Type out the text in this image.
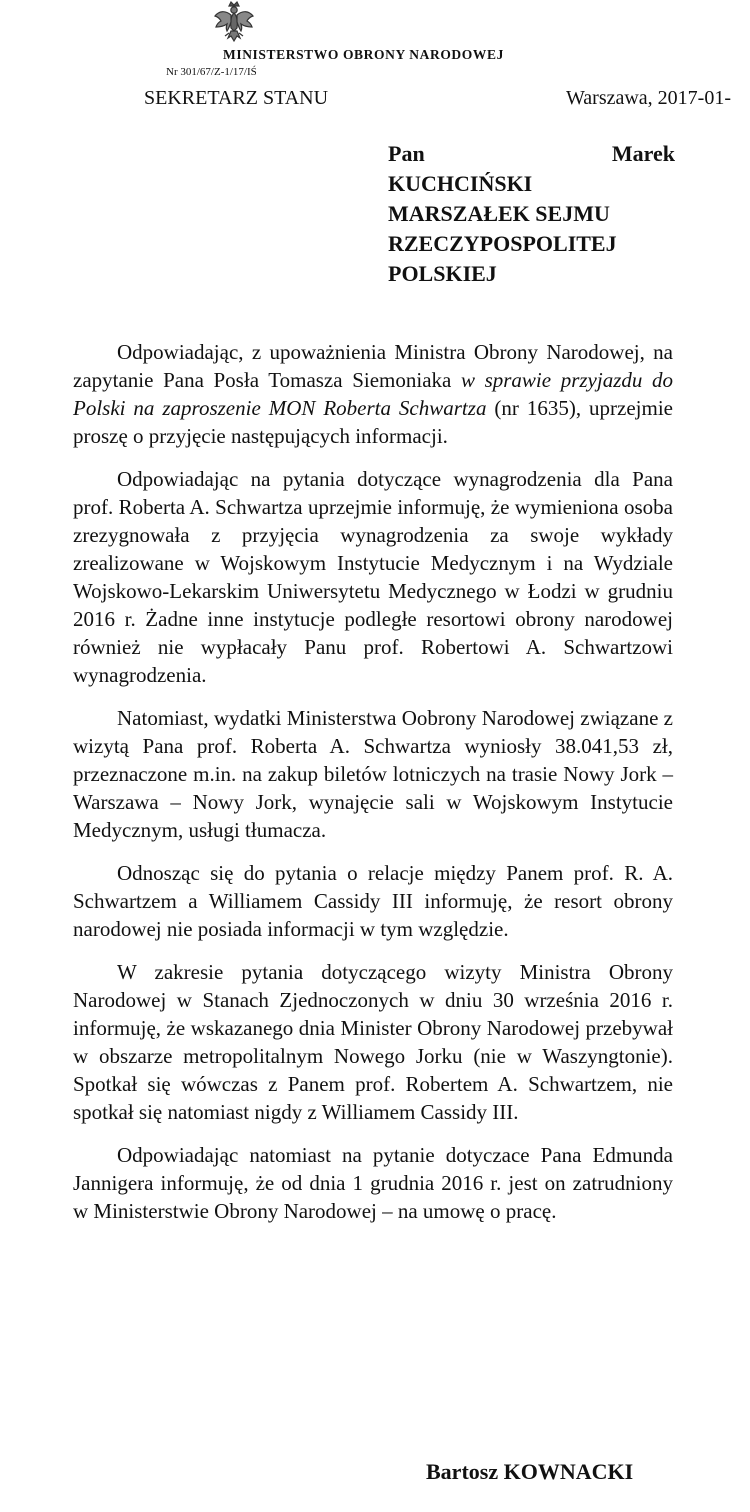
MINISTERSTWO OBRONY NARODOWEJ
Nr 301/67/Z-1/17/IŚ
SEKRETARZ STANU	Warszawa, 2017-01-
Pan	Marek
KUCHCIŃSKI
MARSZAŁEK SEJMU
RZECZYPOSPOLITEJ
POLSKIEJ

Odpowiadając, z upoważnienia Ministra Obrony Narodowej, na zapytanie Pana Posła Tomasza Siemoniaka w sprawie przyjazdu do Polski na zaproszenie MON Roberta Schwartza (nr 1635), uprzejmie proszę o przyjęcie następujących informacji.

Odpowiadając na pytania dotyczące wynagrodzenia dla Pana prof. Roberta A. Schwartza uprzejmie informuję, że wymieniona osoba zrezygnowała z przyjęcia wynagrodzenia za swoje wykłady zrealizowane w Wojskowym Instytucie Medycznym i na Wydziale Wojskowo-Lekarskim Uniwersytetu Medycznego w Łodzi w grudniu 2016 r. Żadne inne instytucje podległe resortowi obrony narodowej również nie wypłacały Panu prof. Robertowi A. Schwartzowi wynagrodzenia.

Natomiast, wydatki Ministerstwa Oobrony Narodowej związane z wizytą Pana prof. Roberta A. Schwartza wyniosły 38.041,53 zł, przeznaczone m.in. na zakup biletów lotniczych na trasie Nowy Jork – Warszawa – Nowy Jork, wynajęcie sali w Wojskowym Instytucie Medycznym, usługi tłumacza.

Odnosząc się do pytania o relacje między Panem prof. R. A. Schwartzem a Williamem Cassidy III informuję, że resort obrony narodowej nie posiada informacji w tym względzie.

W zakresie pytania dotyczącego wizyty Ministra Obrony Narodowej w Stanach Zjednoczonych w dniu 30 września 2016 r. informuję, że wskazanego dnia Minister Obrony Narodowej przebywał w obszarze metropolitalnym Nowego Jorku (nie w Waszyngtonie). Spotkał się wówczas z Panem prof. Robertem A. Schwartzem, nie spotkał się natomiast nigdy z Williamem Cassidy III.

Odpowiadając natomiast na pytanie dotyczace Pana Edmunda Jannigera informuję, że od dnia 1 grudnia 2016 r. jest on zatrudniony w Ministerstwie Obrony Narodowej – na umowę o pracę.

Bartosz KOWNACKI
